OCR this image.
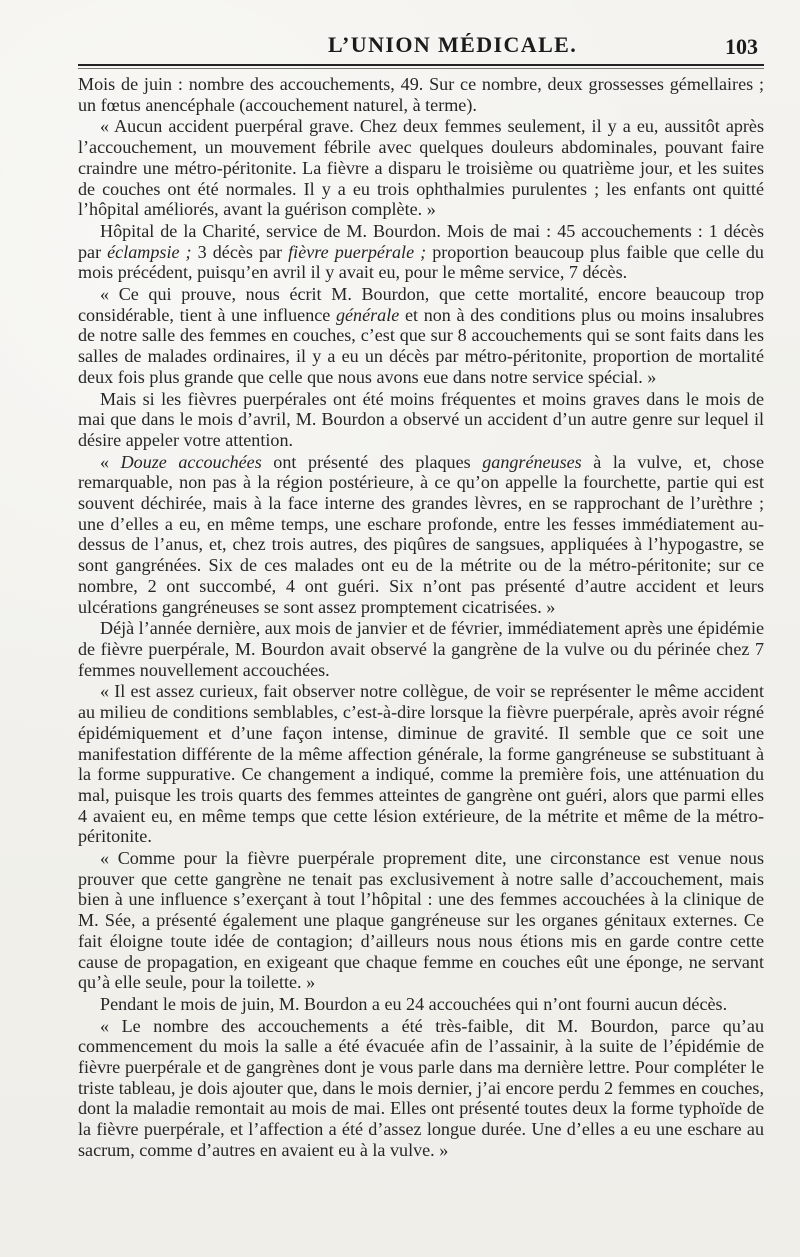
L’UNION MÉDICALE.	103

Mois de juin : nombre des accouchements, 49. Sur ce nombre, deux grossesses gémellaires ; un fœtus anencéphale (accouchement naturel, à terme).

« Aucun accident puerpéral grave. Chez deux femmes seulement, il y a eu, aussitôt après l’accouchement, un mouvement fébrile avec quelques douleurs abdominales, pouvant faire craindre une métro-péritonite. La fièvre a disparu le troisième ou quatrième jour, et les suites de couches ont été normales. Il y a eu trois ophthalmies purulentes ; les enfants ont quitté l’hôpital améliorés, avant la guérison complète. »

Hôpital de la Charité, service de M. Bourdon. Mois de mai : 45 accouchements : 1 décès par éclampsie ; 3 décès par fièvre puerpérale ; proportion beaucoup plus faible que celle du mois précédent, puisqu’en avril il y avait eu, pour le même service, 7 décès.

« Ce qui prouve, nous écrit M. Bourdon, que cette mortalité, encore beaucoup trop considérable, tient à une influence générale et non à des conditions plus ou moins insalubres de notre salle des femmes en couches, c’est que sur 8 accouchements qui se sont faits dans les salles de malades ordinaires, il y a eu un décès par métro-péritonite, proportion de mortalité deux fois plus grande que celle que nous avons eue dans notre service spécial. »

Mais si les fièvres puerpérales ont été moins fréquentes et moins graves dans le mois de mai que dans le mois d’avril, M. Bourdon a observé un accident d’un autre genre sur lequel il désire appeler votre attention.

« Douze accouchées ont présenté des plaques gangréneuses à la vulve, et, chose remarquable, non pas à la région postérieure, à ce qu’on appelle la fourchette, partie qui est souvent déchirée, mais à la face interne des grandes lèvres, en se rapprochant de l’urèthre ; une d’elles a eu, en même temps, une eschare profonde, entre les fesses immédiatement au-dessus de l’anus, et, chez trois autres, des piqûres de sangsues, appliquées à l’hypogastre, se sont gangrénées. Six de ces malades ont eu de la métrite ou de la métro-péritonite; sur ce nombre, 2 ont succombé, 4 ont guéri. Six n’ont pas présenté d’autre accident et leurs ulcérations gangréneuses se sont assez promptement cicatrisées. »

Déjà l’année dernière, aux mois de janvier et de février, immédiatement après une épidémie de fièvre puerpérale, M. Bourdon avait observé la gangrène de la vulve ou du périnée chez 7 femmes nouvellement accouchées.

« Il est assez curieux, fait observer notre collègue, de voir se représenter le même accident au milieu de conditions semblables, c’est-à-dire lorsque la fièvre puerpérale, après avoir régné épidémiquement et d’une façon intense, diminue de gravité. Il semble que ce soit une manifestation différente de la même affection générale, la forme gangréneuse se substituant à la forme suppurative. Ce changement a indiqué, comme la première fois, une atténuation du mal, puisque les trois quarts des femmes atteintes de gangrène ont guéri, alors que parmi elles 4 avaient eu, en même temps que cette lésion extérieure, de la métrite et même de la métro-péritonite.

« Comme pour la fièvre puerpérale proprement dite, une circonstance est venue nous prouver que cette gangrène ne tenait pas exclusivement à notre salle d’accouchement, mais bien à une influence s’exerçant à tout l’hôpital : une des femmes accouchées à la clinique de M. Sée, a présenté également une plaque gangréneuse sur les organes génitaux externes. Ce fait éloigne toute idée de contagion; d’ailleurs nous nous étions mis en garde contre cette cause de propagation, en exigeant que chaque femme en couches eût une éponge, ne servant qu’à elle seule, pour la toilette. »

Pendant le mois de juin, M. Bourdon a eu 24 accouchées qui n’ont fourni aucun décès.

« Le nombre des accouchements a été très-faible, dit M. Bourdon, parce qu’au commencement du mois la salle a été évacuée afin de l’assainir, à la suite de l’épidémie de fièvre puerpérale et de gangrènes dont je vous parle dans ma dernière lettre. Pour compléter le triste tableau, je dois ajouter que, dans le mois dernier, j’ai encore perdu 2 femmes en couches, dont la maladie remontait au mois de mai. Elles ont présenté toutes deux la forme typhoïde de la fièvre puerpérale, et l’affection a été d’assez longue durée. Une d’elles a eu une eschare au sacrum, comme d’autres en avaient eu à la vulve. »
